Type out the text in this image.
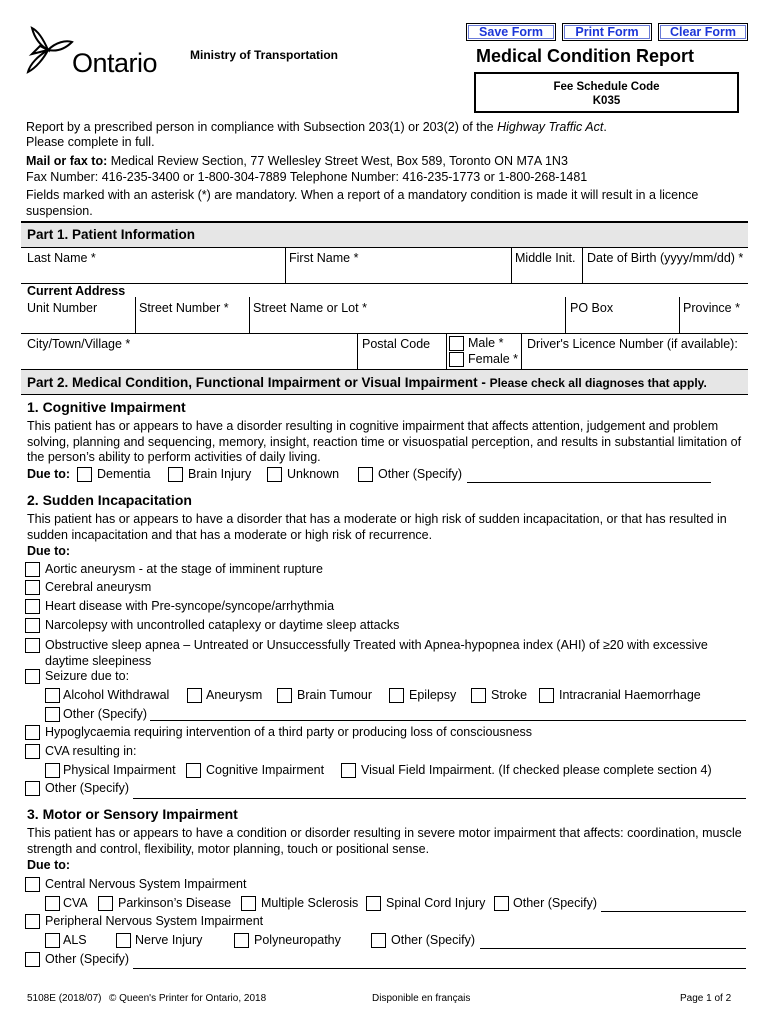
Save Form	Print Form	Clear Form
Ontario	Ministry of Transportation	Medical Condition Report
Fee Schedule Code
K035
Report by a prescribed person in compliance with Subsection 203(1) or 203(2) of the Highway Traffic Act.
Please complete in full.
Mail or fax to: Medical Review Section, 77 Wellesley Street West, Box 589, Toronto ON M7A 1N3
Fax Number: 416-235-3400 or 1-800-304-7889 Telephone Number: 416-235-1773 or 1-800-268-1481
Fields marked with an asterisk (*) are mandatory. When a report of a mandatory condition is made it will result in a licence
suspension.
Part 1. Patient Information
Last Name *	First Name *	Middle Init. Date of Birth (yyyy/mm/dd) *
Current Address
Unit Number	Street Number * Street Name or Lot *	PO Box	Province *
City/Town/Village *	Postal Code	Male *
Female *
Driver's Licence Number (if available):
Part 2. Medical Condition, Functional Impairment or Visual Impairment - Please check all diagnoses that apply.
1. Cognitive Impairment
This patient has or appears to have a disorder resulting in cognitive impairment that affects attention, judgement and problem
solving, planning and sequencing, memory, insight, reaction time or visuospatial perception, and results in substantial limitation of
the person’s ability to perform activities of daily living.
Due to: Dementia	Brain Injury	Unknown	Other (Specify)
2. Sudden Incapacitation
This patient has or appears to have a disorder that has a moderate or high risk of sudden incapacitation, or that has resulted in
sudden incapacitation and that has a moderate or high risk of recurrence.
Due to:
Aortic aneurysm - at the stage of imminent rupture
Cerebral aneurysm
Heart disease with Pre-syncope/syncope/arrhythmia
Narcolepsy with uncontrolled cataplexy or daytime sleep attacks
Obstructive sleep apnea – Untreated or Unsuccessfully Treated with Apnea-hypopnea index (AHI) of ≥20 with excessive
daytime sleepiness
Seizure due to:
Alcohol Withdrawal	Aneurysm	Brain Tumour	Epilepsy	Stroke	Intracranial Haemorrhage
Other (Specify)
Hypoglycaemia requiring intervention of a third party or producing loss of consciousness
CVA resulting in:
Physical Impairment Cognitive Impairment	Visual Field Impairment. (If checked please complete section 4)
Other (Specify)
3. Motor or Sensory Impairment
This patient has or appears to have a condition or disorder resulting in severe motor impairment that affects: coordination, muscle
strength and control, flexibility, motor planning, touch or positional sense.
Due to:
Central Nervous System Impairment
CVA Parkinson’s Disease Multiple Sclerosis Spinal Cord Injury Other (Specify)
Peripheral Nervous System Impairment
ALS	Nerve Injury	Polyneuropathy	Other (Specify)
Other (Specify)
5108E (2018/07) © Queen's Printer for Ontario, 2018	Disponible en français	Page 1 of 2
